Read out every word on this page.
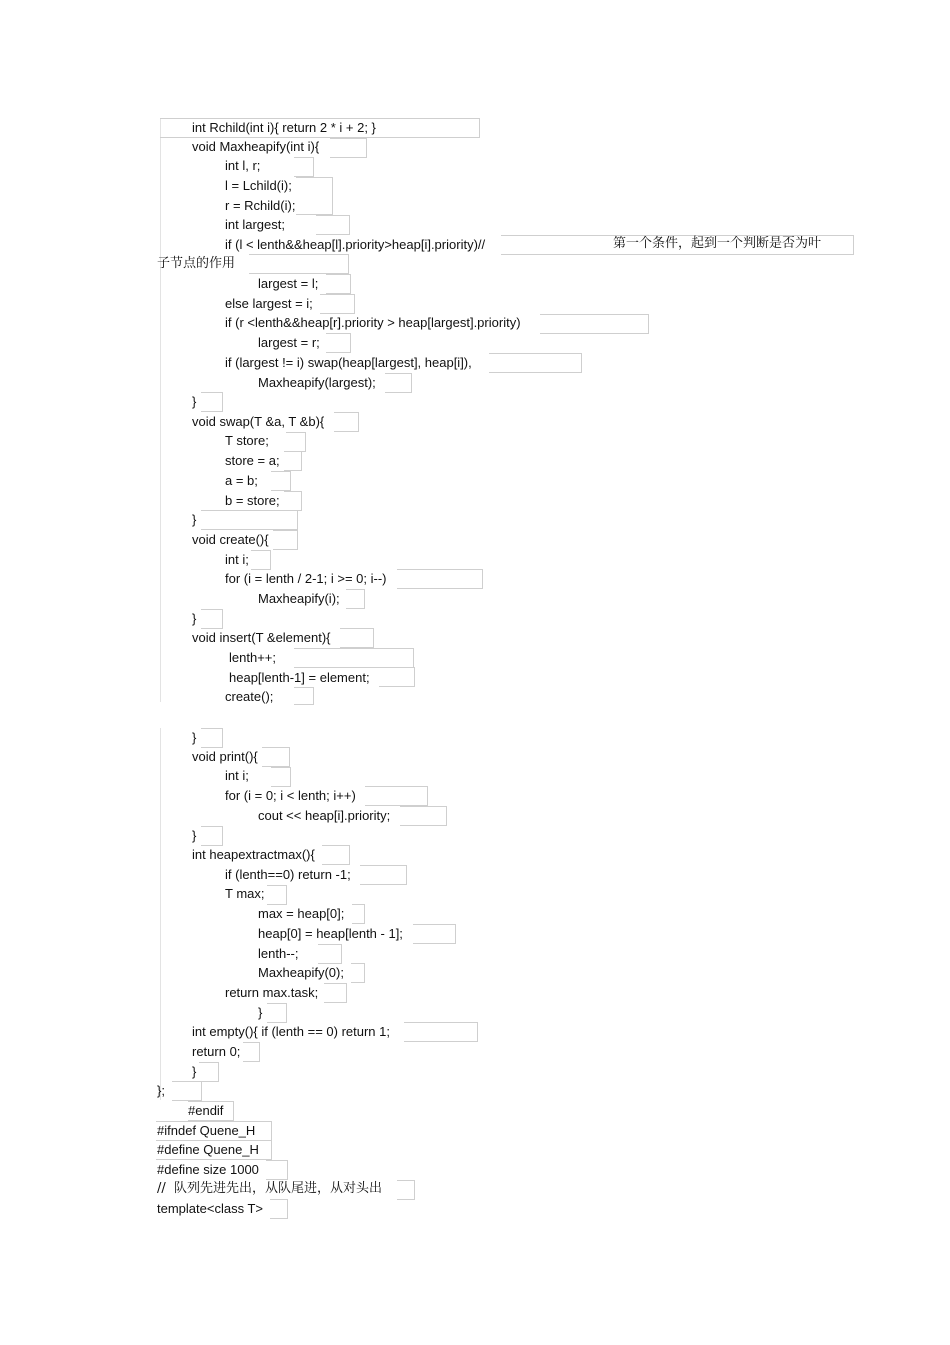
int Rchild(int i){ return 2 * i + 2; }
void Maxheapify(int i){
int l, r;
l = Lchild(i);
r = Rchild(i);
int largest;
if (l < lenth&&heap[l].priority>heap[i].priority)//	第一个条件，起到一个判断是否为叶
子节点的作用
largest = l;
else largest = i;
if (r <lenth&&heap[r].priority > heap[largest].priority)
largest = r;
if (largest != i) swap(heap[largest], heap[i]),
Maxheapify(largest);
}
void swap(T &a, T &b){
T store;
store = a;
a = b;
b = store;
}
void create(){
int i;
for (i = lenth / 2-1; i >= 0; i--)
Maxheapify(i);
}
void insert(T &element){
lenth++;
heap[lenth-1] = element;
create();
}
void print(){
int i;
for (i = 0; i < lenth; i++)
cout << heap[i].priority;
}
int heapextractmax(){
if (lenth==0) return -1;
T max;
max = heap[0];
heap[0] = heap[lenth - 1];
lenth--;
Maxheapify(0);
return max.task;
}
int empty(){ if (lenth == 0) return 1;
return 0;
}
};
#endif
#ifndef Quene_H
#define Quene_H
#define size 1000
//  队列先进先出，从队尾进，从对头出
template<class T>
